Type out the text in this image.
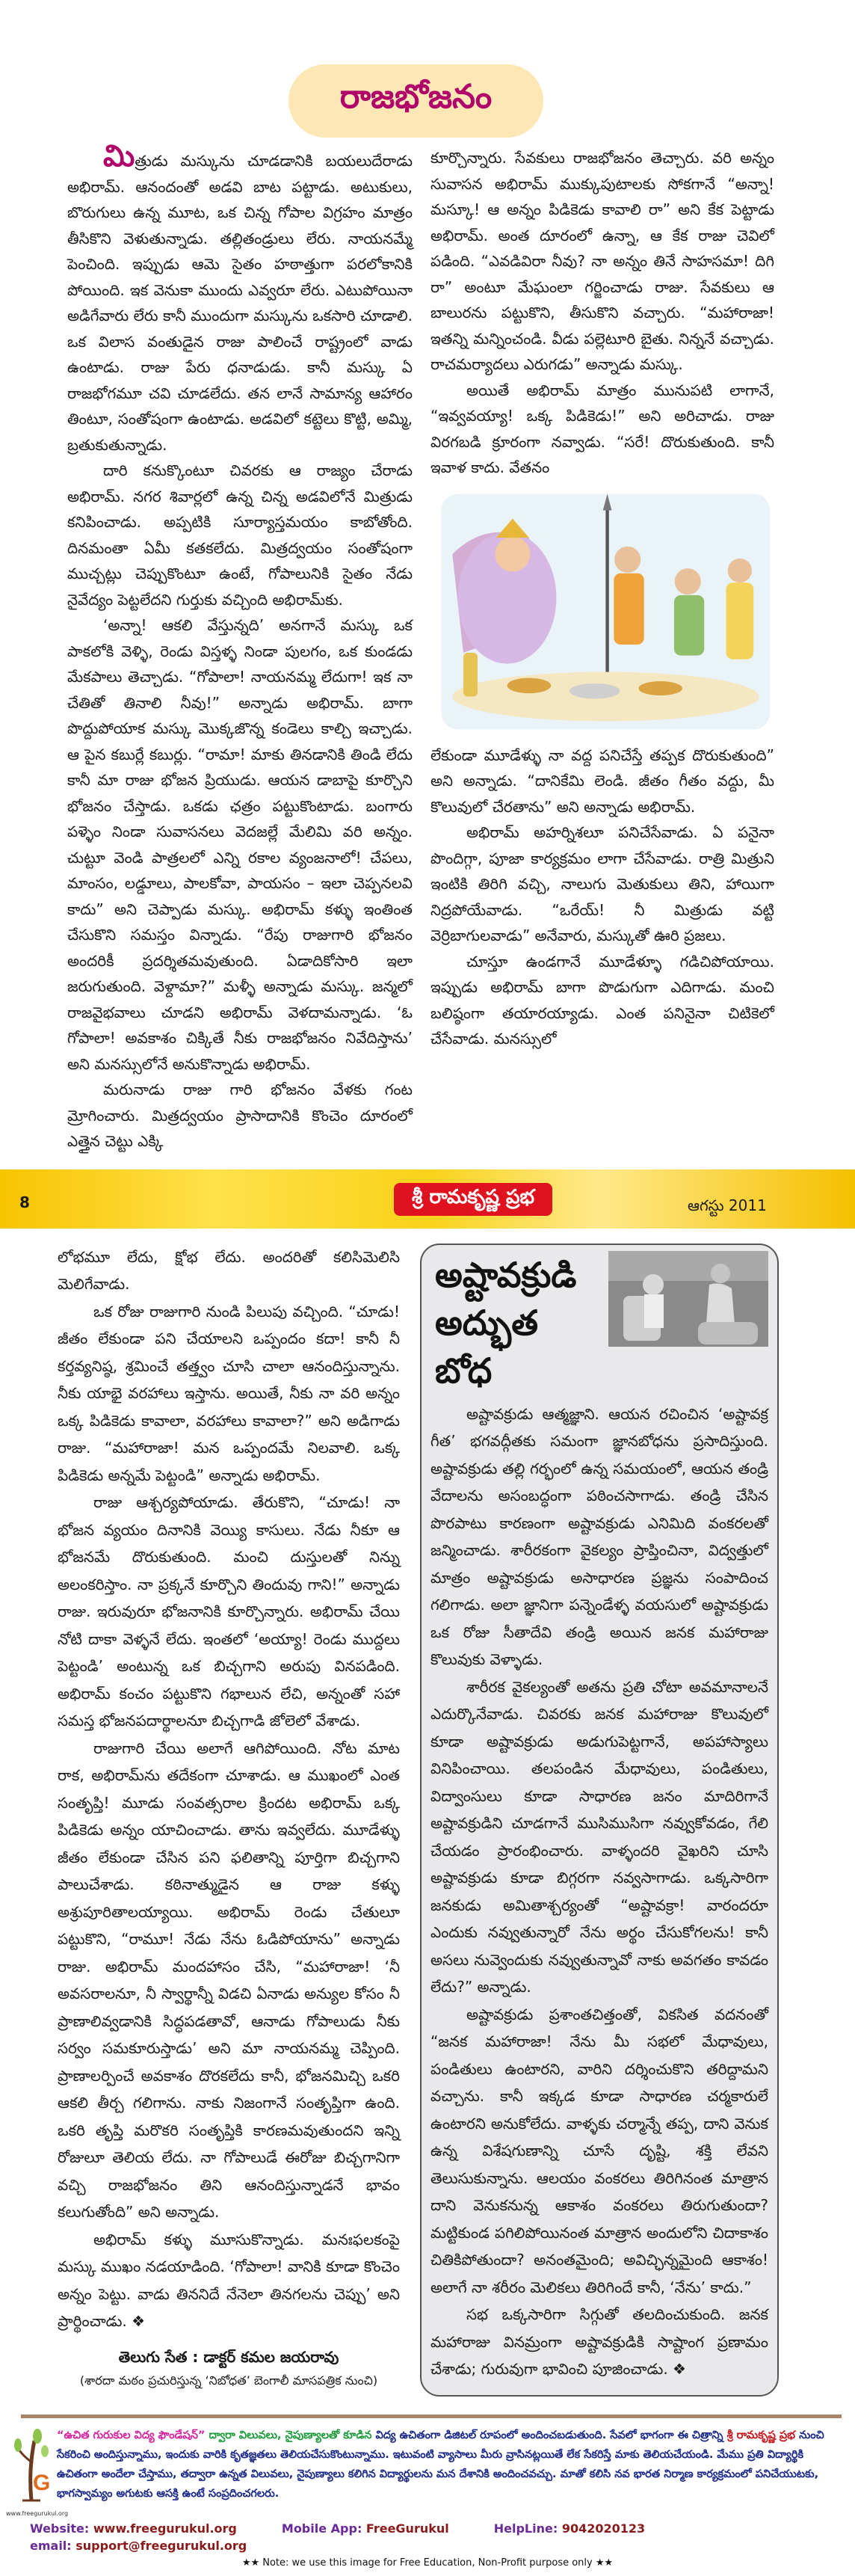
రాజభోజనం

మిత్రుడు మస్కును చూడడానికి బయలుదేరాడు అభిరామ్. ఆనందంతో అడవి బాట పట్టాడు. అటుకులు, బొరుగులు ఉన్న మూట, ఒక చిన్న గోపాల విగ్రహం మాత్రం తీసికొని వెళుతున్నాడు. తల్లితండ్రులు లేరు. నాయనమ్మే పెంచింది. ఇప్పుడు ఆమె సైతం హఠాత్తుగా పరలోకానికి పోయింది. ఇక వెనుకా ముందు ఎవ్వరూ లేరు. ఎటుపోయినా అడిగేవారు లేరు కానీ ముందుగా మస్కును ఒకసారి చూడాలి. ఒక విలాస వంతుడైన రాజు పాలించే రాష్ట్రంలో వాడు ఉంటాడు. రాజు పేరు ధనాడుడు. కానీ మస్కు ఏ రాజభోగమూ చవి చూడలేదు. తన లానే సామాన్య ఆహారం తింటూ, సంతోషంగా ఉంటాడు. అడవిలో కట్టెలు కొట్టి, అమ్మి, బ్రతుకుతున్నాడు.

దారి కనుక్కొంటూ చివరకు ఆ రాజ్యం చేరాడు అభిరామ్. నగర శివార్లలో ఉన్న చిన్న అడవిలోనే మిత్రుడు కనిపించాడు. అప్పటికి సూర్యాస్తమయం కాబోతోంది. దినమంతా ఏమీ కతకలేదు. మిత్రద్వయం సంతోషంగా ముచ్చట్లు చెప్పుకొంటూ ఉంటే, గోపాలునికి సైతం నేడు నైవేద్యం పెట్టలేదని గుర్తుకు వచ్చింది అభిరామ్‌కు.

‘అన్నా! ఆకలి వేస్తున్నది’ అనగానే మస్కు ఒక పాకలోకి వెళ్ళి, రెండు విస్తళ్ళ నిండా పులగం, ఒక కుండడు మేకపాలు తెచ్చాడు. “గోపాలా! నాయనమ్మ లేదుగా! ఇక నా చేతితో తినాలి నీవు!” అన్నాడు అభిరామ్. బాగా పొద్దుపోయాక మస్కు మొక్కజొన్న కండెలు కాల్చి ఇచ్చాడు. ఆ పైన కబుర్లే కబుర్లు. “రామా! మాకు తినడానికి తిండి లేదు కానీ మా రాజు భోజన ప్రియుడు. ఆయన డాబాపై కూర్చొని భోజనం చేస్తాడు. ఒకడు ఛత్రం పట్టుకొంటాడు. బంగారు పళ్ళెం నిండా సువాసనలు వెదజల్లే మేలిమి వరి అన్నం. చుట్టూ వెండి పాత్రలలో ఎన్ని రకాల వ్యంజనాలో! చేపలు, మాంసం, లడ్డూలు, పాలకోవా, పాయసం – ఇలా చెప్పనలవి కాదు” అని చెప్పాడు మస్కు. అభిరామ్ కళ్ళు ఇంతింత చేసుకొని సమస్తం విన్నాడు. “రేపు రాజుగారి భోజనం అందరికీ ప్రదర్శితమవుతుంది. ఏడాదికోసారి ఇలా జరుగుతుంది. వెళ్దామా?” మళ్ళీ అన్నాడు మస్కు. జన్మలో రాజవైభవాలు చూడని అభిరామ్ వెళదామన్నాడు. ‘ఓ గోపాలా! అవకాశం చిక్కితే నీకు రాజభోజనం నివేదిస్తాను’ అని మనస్సులోనే అనుకొన్నాడు అభిరామ్.

మరునాడు రాజు గారి భోజనం వేళకు గంట మ్రోగించారు. మిత్రద్వయం ప్రాసాదానికి కొంచెం దూరంలో ఎత్తైన చెట్టు ఎక్కి

కూర్చొన్నారు. సేవకులు రాజభోజనం తెచ్చారు. వరి అన్నం సువాసన అభిరామ్ ముక్కుపుటాలకు సోకగానే “అన్నా! మస్కూ! ఆ అన్నం పిడికెడు కావాలి రా” అని కేక పెట్టాడు అభిరామ్. అంత దూరంలో ఉన్నా, ఆ కేక రాజు చెవిలో పడింది. “ఎవడివిరా నీవు? నా అన్నం తినే సాహసమా! దిగి రా” అంటూ మేఘంలా గర్జించాడు రాజు. సేవకులు ఆ బాలురను పట్టుకొని, తీసుకొని వచ్చారు. “మహారాజా! ఇతన్ని మన్నించండి. వీడు పల్లెటూరి బైతు. నిన్ననే వచ్చాడు. రాచమర్యాదలు ఎరుగడు” అన్నాడు మస్కు.

అయితే అభిరామ్ మాత్రం మునుపటి లాగానే, “ఇవ్వవయ్యా! ఒక్క పిడికెడు!” అని అరిచాడు. రాజు విరగబడి క్రూరంగా నవ్వాడు. “సరే! దొరుకుతుంది. కానీ ఇవాళ కాదు. వేతనం

లేకుండా మూడేళ్ళు నా వద్ద పనిచేస్తే తప్పక దొరుకుతుంది” అని అన్నాడు. “దానికేమి లెండి. జీతం గీతం వద్దు, మీ కొలువులో చేరతాను” అని అన్నాడు అభిరామ్.

అభిరామ్ అహర్నిశలూ పనిచేసేవాడు. ఏ పనైనా పొందిగ్గా, పూజా కార్యక్రమం లాగా చేసేవాడు. రాత్రి మిత్రుని ఇంటికి తిరిగి వచ్చి, నాలుగు మెతుకులు తిని, హాయిగా నిద్రపోయేవాడు. “ఒరేయ్! నీ మిత్రుడు వట్టి వెర్రిబాగులవాడు” అనేవారు, మస్కుతో ఊరి ప్రజలు.

చూస్తూ ఉండగానే మూడేళ్ళూ గడిచిపోయాయి. ఇప్పుడు అభిరామ్ బాగా పొడుగుగా ఎదిగాడు. మంచి బలిష్ఠంగా తయారయ్యాడు. ఎంత పనినైనా చిటికెలో చేసేవాడు. మనస్సులో

8	శ్రీ రామకృష్ణ ప్రభ	ఆగస్టు 2011

లోభమూ లేదు, క్షోభ లేదు. అందరితో కలిసిమెలిసి మెలిగేవాడు.

ఒక రోజు రాజుగారి నుండి పిలుపు వచ్చింది. “చూడు! జీతం లేకుండా పని చేయాలని ఒప్పందం కదా! కానీ నీ కర్తవ్యనిష్ఠ, శ్రమించే తత్త్వం చూసి చాలా ఆనందిస్తున్నాను. నీకు యాభై వరహాలు ఇస్తాను. అయితే, నీకు నా వరి అన్నం ఒక్క పిడికెడు కావాలా, వరహాలు కావాలా?” అని అడిగాడు రాజు. “మహారాజా! మన ఒప్పందమే నిలవాలి. ఒక్క పిడికెడు అన్నమే పెట్టండి” అన్నాడు అభిరామ్.

రాజు ఆశ్చర్యపోయాడు. తేరుకొని, “చూడు! నా భోజన వ్యయం దినానికి వెయ్యి కాసులు. నేడు నీకూ ఆ భోజనమే దొరుకుతుంది. మంచి దుస్తులతో నిన్ను అలంకరిస్తాం. నా ప్రక్కనే కూర్చొని తిందువు గాని!” అన్నాడు రాజు. ఇరువురూ భోజనానికి కూర్చొన్నారు. అభిరామ్ చేయి నోటి దాకా వెళ్ళనే లేదు. ఇంతలో ‘అయ్యా! రెండు ముద్దలు పెట్టండి’ అంటున్న ఒక బిచ్చగాని అరుపు వినపడింది. అభిరామ్ కంచం పట్టుకొని గభాలున లేచి, అన్నంతో సహా సమస్త భోజనపదార్థాలనూ బిచ్చగాడి జోలెలో వేశాడు.

రాజుగారి చేయి అలాగే ఆగిపోయింది. నోట మాట రాక, అభిరామ్‌ను తదేకంగా చూశాడు. ఆ ముఖంలో ఎంత సంతృప్తి! మూడు సంవత్సరాల క్రిందట అభిరామ్ ఒక్క పిడికెడు అన్నం యాచించాడు. తాను ఇవ్వలేదు. మూడేళ్ళు జీతం లేకుండా చేసిన పని ఫలితాన్ని పూర్తిగా బిచ్చగాని పాలుచేశాడు. కఠినాత్ముడైన ఆ రాజు కళ్ళు అశ్రుపూరితాలయ్యాయి. అభిరామ్ రెండు చేతులూ పట్టుకొని, “రామూ! నేడు నేను ఓడిపోయాను” అన్నాడు రాజు. అభిరామ్ మందహాసం చేసి, “మహారాజా! ‘నీ అవసరాలనూ, నీ స్వార్థాన్నీ విడచి ఏనాడు అన్యుల కోసం నీ ప్రాణాలివ్వడానికి సిద్ధపడతావో, ఆనాడు గోపాలుడు నీకు సర్వం సమకూరుస్తాడు’ అని మా నాయనమ్మ చెప్పింది. ప్రాణాలర్పించే అవకాశం దొరకలేదు కానీ, భోజనమిచ్చి ఒకరి ఆకలి తీర్చ గలిగాను. నాకు నిజంగానే సంతృప్తిగా ఉంది. ఒకరి తృప్తి మరొకరి సంతృప్తికి కారణమవుతుందని ఇన్ని రోజులూ తెలియ లేదు. నా గోపాలుడే ఈరోజు బిచ్చగానిగా వచ్చి రాజభోజనం తిని ఆనందిస్తున్నాడనే భావం కలుగుతోంది” అని అన్నాడు.

అభిరామ్ కళ్ళు మూసుకొన్నాడు. మనఃఫలకంపై మస్కు ముఖం నడయాడింది. ‘గోపాలా! వానికి కూడా కొంచెం అన్నం పెట్టు. వాడు తిననిదే నేనెలా తినగలను చెప్పు’ అని ప్రార్థించాడు. ❖

తెలుగు సేత : డాక్టర్ కమల జయరావు
(శారదా మఠం ప్రచురిస్తున్న ‘నిబోధత’ బెంగాలీ మాసపత్రిక నుంచి)
అష్టావక్రుడి
అద్భుత బోధ

అష్టావక్రుడు ఆత్మజ్ఞాని. ఆయన రచించిన ‘అష్టావక్ర గీత’ భగవద్గీతకు సమంగా జ్ఞానబోధను ప్రసాదిస్తుంది. అష్టావక్రుడు తల్లి గర్భంలో ఉన్న సమయంలో, ఆయన తండ్రి వేదాలను అసంబద్ధంగా పఠించసాగాడు. తండ్రి చేసిన పొరపాటు కారణంగా అష్టావక్రుడు ఎనిమిది వంకరలతో జన్మించాడు. శారీరకంగా వైకల్యం ప్రాప్తించినా, విద్వత్తులో మాత్రం అష్టావక్రుడు అసాధారణ ప్రజ్ఞను సంపాదించ గలిగాడు. అలా జ్ఞానిగా పన్నెండేళ్ళ వయసులో అష్టావక్రుడు ఒక రోజు సీతాదేవి తండ్రి అయిన జనక మహారాజు కొలువుకు వెళ్ళాడు.

శారీరక వైకల్యంతో అతను ప్రతి చోటా అవమానాలనే ఎదుర్కొనేవాడు. చివరకు జనక మహారాజు కొలువులో కూడా అష్టావక్రుడు అడుగుపెట్టగానే, అపహాస్యాలు వినిపించాయి. తలపండిన మేధావులు, పండితులు, విద్వాంసులు కూడా సాధారణ జనం మాదిరిగానే అష్టావక్రుడిని చూడగానే ముసిముసిగా నవ్వుకోవడం, గేలి చేయడం ప్రారంభించారు. వాళ్ళందరి వైఖరిని చూసి అష్టావక్రుడు కూడా బిగ్గరగా నవ్వసాగాడు. ఒక్కసారిగా జనకుడు అమితాశ్చర్యంతో “అష్టావక్రా! వారందరూ ఎందుకు నవ్వుతున్నారో నేను అర్థం చేసుకోగలను! కానీ అసలు నువ్వెందుకు నవ్వుతున్నావో నాకు అవగతం కావడం లేదు?” అన్నాడు.

అష్టావక్రుడు ప్రశాంతచిత్తంతో, వికసిత వదనంతో “జనక మహారాజా! నేను మీ సభలో మేధావులు, పండితులు ఉంటారని, వారిని దర్శించుకొని తరిద్దామని వచ్చాను. కానీ ఇక్కడ కూడా సాధారణ చర్మకారులే ఉంటారని అనుకోలేదు. వాళ్ళకు చర్మాన్నే తప్ప, దాని వెనుక ఉన్న విశేషగుణాన్ని చూసే దృష్టి, శక్తి లేవని తెలుసుకున్నాను. ఆలయం వంకరలు తిరిగినంత మాత్రాన దాని వెనుకనున్న ఆకాశం వంకరలు తిరుగుతుందా? మట్టికుండ పగిలిపోయినంత మాత్రాన అందులోని చిదాకాశం చితికిపోతుందా? అనంతమైంది; అవిచ్ఛిన్నమైంది ఆకాశం! అలాగే నా శరీరం మెలికలు తిరిగిందే కానీ, ‘నేను’ కాదు.”

సభ ఒక్కసారిగా సిగ్గుతో తలదించుకుంది. జనక మహారాజు వినమ్రంగా అష్టావక్రుడికి సాష్టాంగ ప్రణామం చేశాడు; గురువుగా భావించి పూజించాడు. ❖

G
www.freegurukul.org
“ఉచిత గురుకుల విద్య ఫౌండేషన్” ద్వారా విలువలు, నైపుణ్యాలతో కూడిన విద్య ఉచితంగా డిజిటల్ రూపంలో అందించబడుతుంది. సేవలో భాగంగా ఈ చిత్రాన్ని శ్రీ రామకృష్ణ ప్రభ నుంచి సేకరించి అందిస్తున్నాము, ఇందుకు వారికి కృతజ్ఞతలు తెలియచేసుకొంటున్నాము. ఇటువంటి వ్యాసాలు మీరు వ్రాసినట్లయితే లేక సేకరిస్తే మాకు తెలియచేయండి. మేము ప్రతి విద్యార్థికి ఉచితంగా అందేలా చేస్తాము, తద్వారా ఉన్నత విలువలు, నైపుణ్యాలు కలిగిన విద్యార్థులను మన దేశానికి అందించవచ్చు. మాతో కలిసి నవ భారత నిర్మాణ కార్యక్రమంలో పనిచేయుటకు, భాగస్వామ్యం అగుటకు ఆసక్తి ఉంటే సంప్రదించగలరు.
Website: www.freegurukul.org	Mobile App: FreeGurukul	HelpLine: 9042020123
email: support@freegurukul.org
★★ Note: we use this image for Free Education, Non-Profit purpose only ★★
